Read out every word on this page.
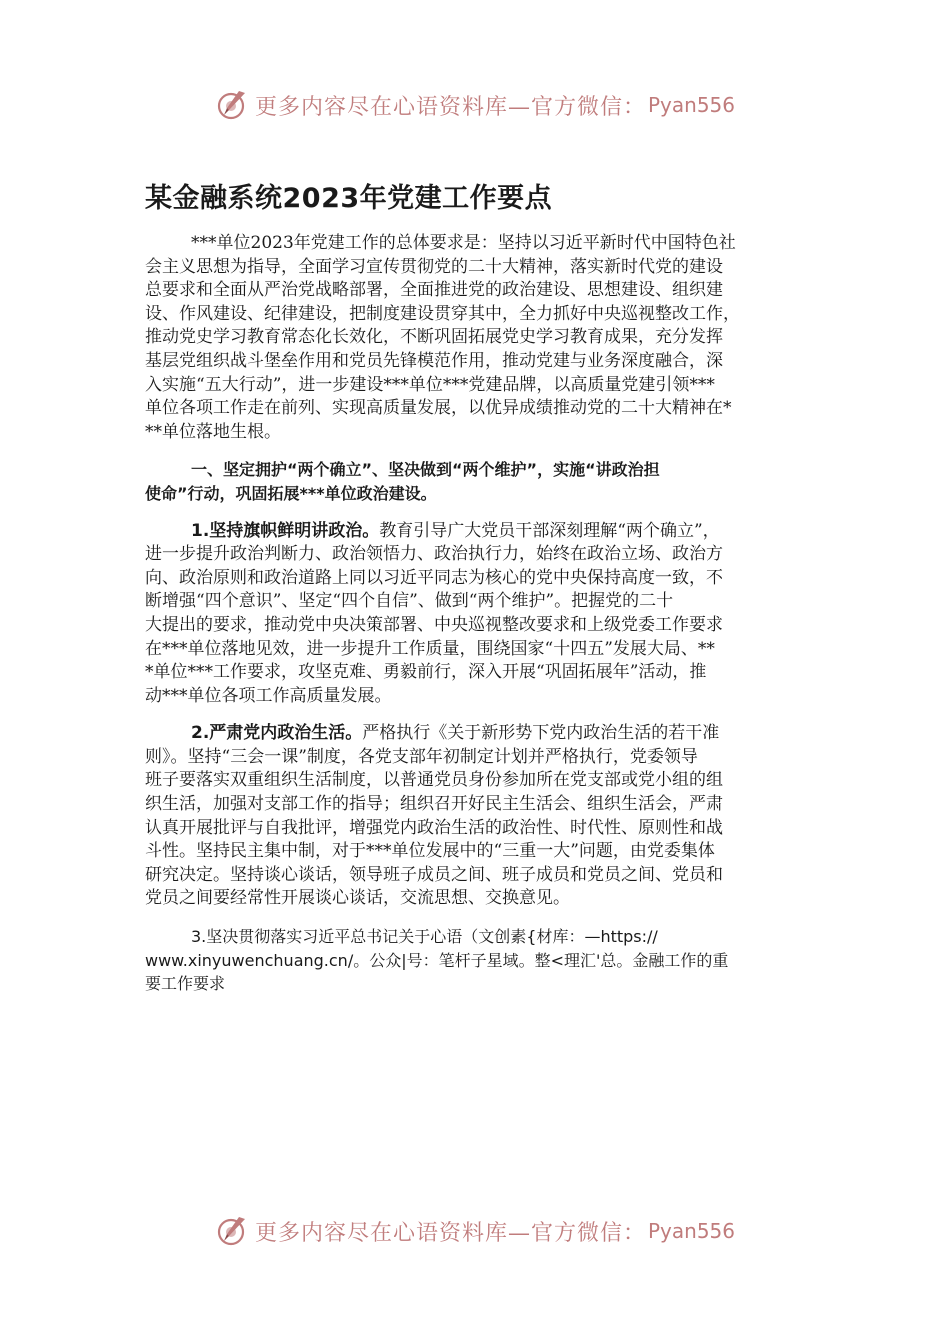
更多内容尽在心语资料库—官方微信： Pyan556
某金融系统2023年党建工作要点
***单位2023年党建工作的总体要求是：坚持以习近平新时代中国特色社
会主义思想为指导，全面学习宣传贯彻党的二十大精神，落实新时代党的建设
总要求和全面从严治党战略部署，全面推进党的政治建设、思想建设、组织建
设、作风建设、纪律建设，把制度建设贯穿其中，全力抓好中央巡视整改工作，
推动党史学习教育常态化长效化，不断巩固拓展党史学习教育成果，充分发挥
基层党组织战斗堡垒作用和党员先锋模范作用，推动党建与业务深度融合，深
入实施“五大行动”，进一步建设***单位***党建品牌，以高质量党建引领***
单位各项工作走在前列、实现高质量发展，以优异成绩推动党的二十大精神在*
**单位落地生根。
一、坚定拥护“两个确立”、坚决做到“两个维护”，实施“讲政治担
使命”行动，巩固拓展***单位政治建设。
1.坚持旗帜鲜明讲政治。教育引导广大党员干部深刻理解“两个确立”，
进一步提升政治判断力、政治领悟力、政治执行力，始终在政治立场、政治方
向、政治原则和政治道路上同以习近平同志为核心的党中央保持高度一致，不
断增强“四个意识”、坚定“四个自信”、做到“两个维护”。把握党的二十
大提出的要求，推动党中央决策部署、中央巡视整改要求和上级党委工作要求
在***单位落地见效，进一步提升工作质量，围绕国家“十四五”发展大局、**
*单位***工作要求，攻坚克难、勇毅前行，深入开展“巩固拓展年”活动，推
动***单位各项工作高质量发展。
2.严肃党内政治生活。严格执行《关于新形势下党内政治生活的若干准
则》。坚持“三会一课”制度，各党支部年初制定计划并严格执行，党委领导
班子要落实双重组织生活制度，以普通党员身份参加所在党支部或党小组的组
织生活，加强对支部工作的指导；组织召开好民主生活会、组织生活会，严肃
认真开展批评与自我批评，增强党内政治生活的政治性、时代性、原则性和战
斗性。坚持民主集中制，对于***单位发展中的“三重一大”问题，由党委集体
研究决定。坚持谈心谈话，领导班子成员之间、班子成员和党员之间、党员和
党员之间要经常性开展谈心谈话，交流思想、交换意见。
3.坚决贯彻落实习近平总书记关于心语（文创素{材库：—https://
www.xinyuwenchuang.cn/。公众|号：笔杆子星域。整<理汇'总。金融工作的重
要工作要求
更多内容尽在心语资料库—官方微信： Pyan556
